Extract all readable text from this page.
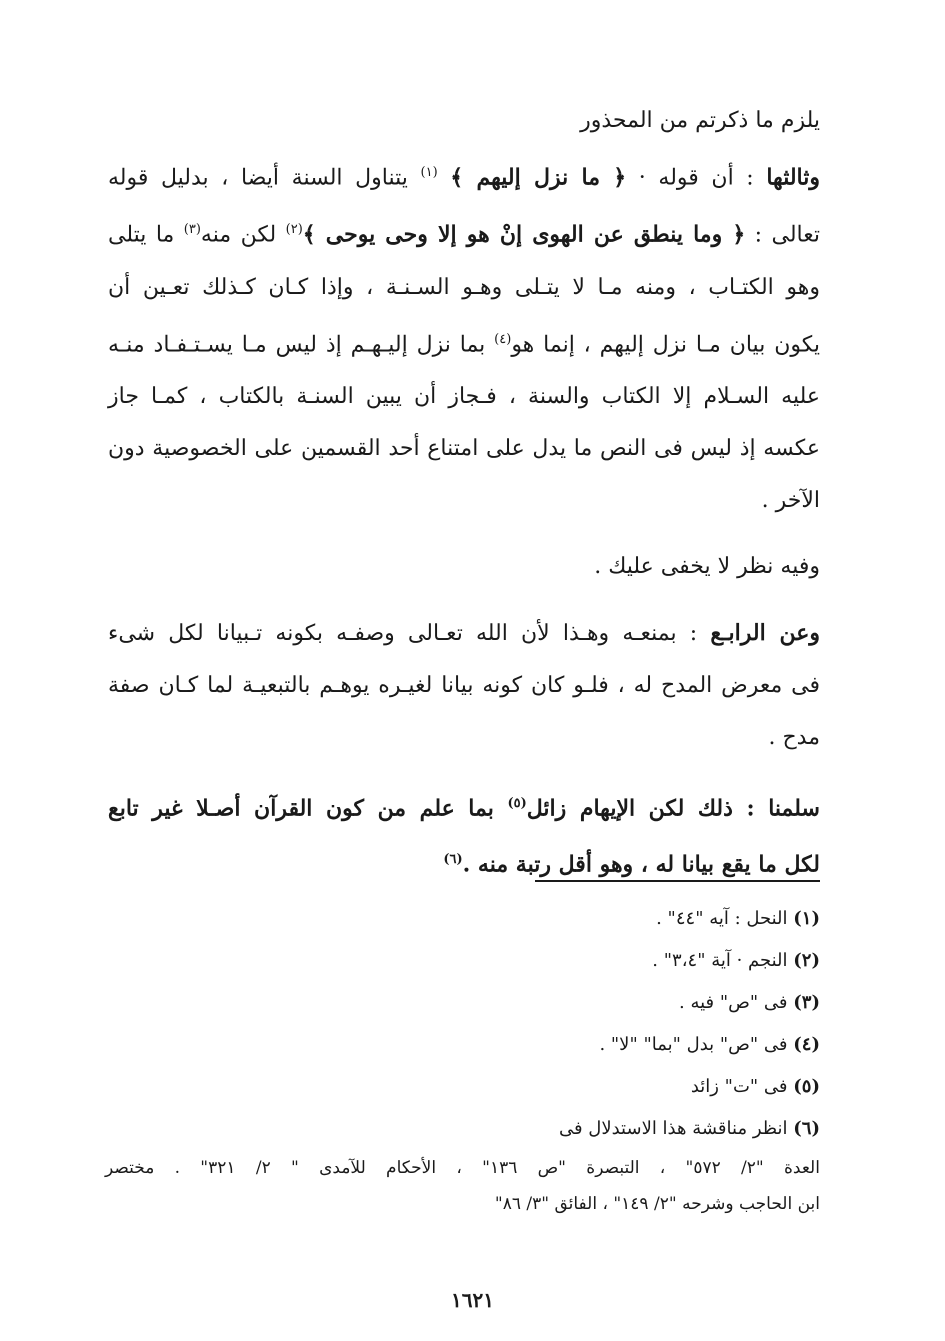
يلزم ما ذكرتم من المحذور
وثالثها : أن قوله · ﴿ ما نزل إليهم ﴾ $^{(١)}$ يتناول السنة أيضا ، بدليل قوله
تعالى : ﴿ وما ينطق عن الهوى إنْ هو إلا وحى يوحى ﴾$^{(٢)}$ لكن منه$^{(٣)}$ ما يتلى
وهو الكتـاب ، ومنه مـا لا يتـلى وهـو السـنـة ، وإذا كـان كـذلك تعـين أن
يكون بيان مـا نزل إليهم ، إنما هو$^{(٤)}$ بما نزل إليـهـم إذ ليس مـا يسـتـفـاد منـه
عليه السـلام إلا الكتاب والسنة ، فـجاز أن يبين السنـة بالكتاب ، كمـا جاز
عكسه إذ ليس فى النص ما يدل على امتناع أحد القسمين على الخصوصية دون
الآخر .
وفيه نظر لا يخفى عليك .
وعن الرابـع : بمنعـه وهـذا لأن الله تعـالى وصفـه بكونه تـبيانا لكل شىء
فى معرض المدح له ، فلـو كان كونه بيانا لغيـره يوهـم بالتبعيـة لما كـان صفة
مدح .
سلمنا : ذلك لكن الإيهام زائل$^{(٥)}$ بما علم من كون القرآن أصـلا غير تابع
لكل ما يقع بيانا له ، وهو أقل رتبة منه .$^{(٦)}$
(١) النحل : آيه "٤٤" .
(٢) النجم · آية "٣،٤" .
(٣) فى "ص" فيه .
(٤) فى "ص" بدل "بما" "لا" .
(٥) فى "ت" زائد
(٦) انظر مناقشة هذا الاستدلال فى
العدة "٢/ ٥٧٢" ، التبصرة "ص ١٣٦" ، الأحكام للآمدى " ٢/ ٣٢١" . مختصر
ابن الحاجب وشرحه "٢/ ١٤٩" ، الفائق "٣/ ٨٦"
١٦٢١
